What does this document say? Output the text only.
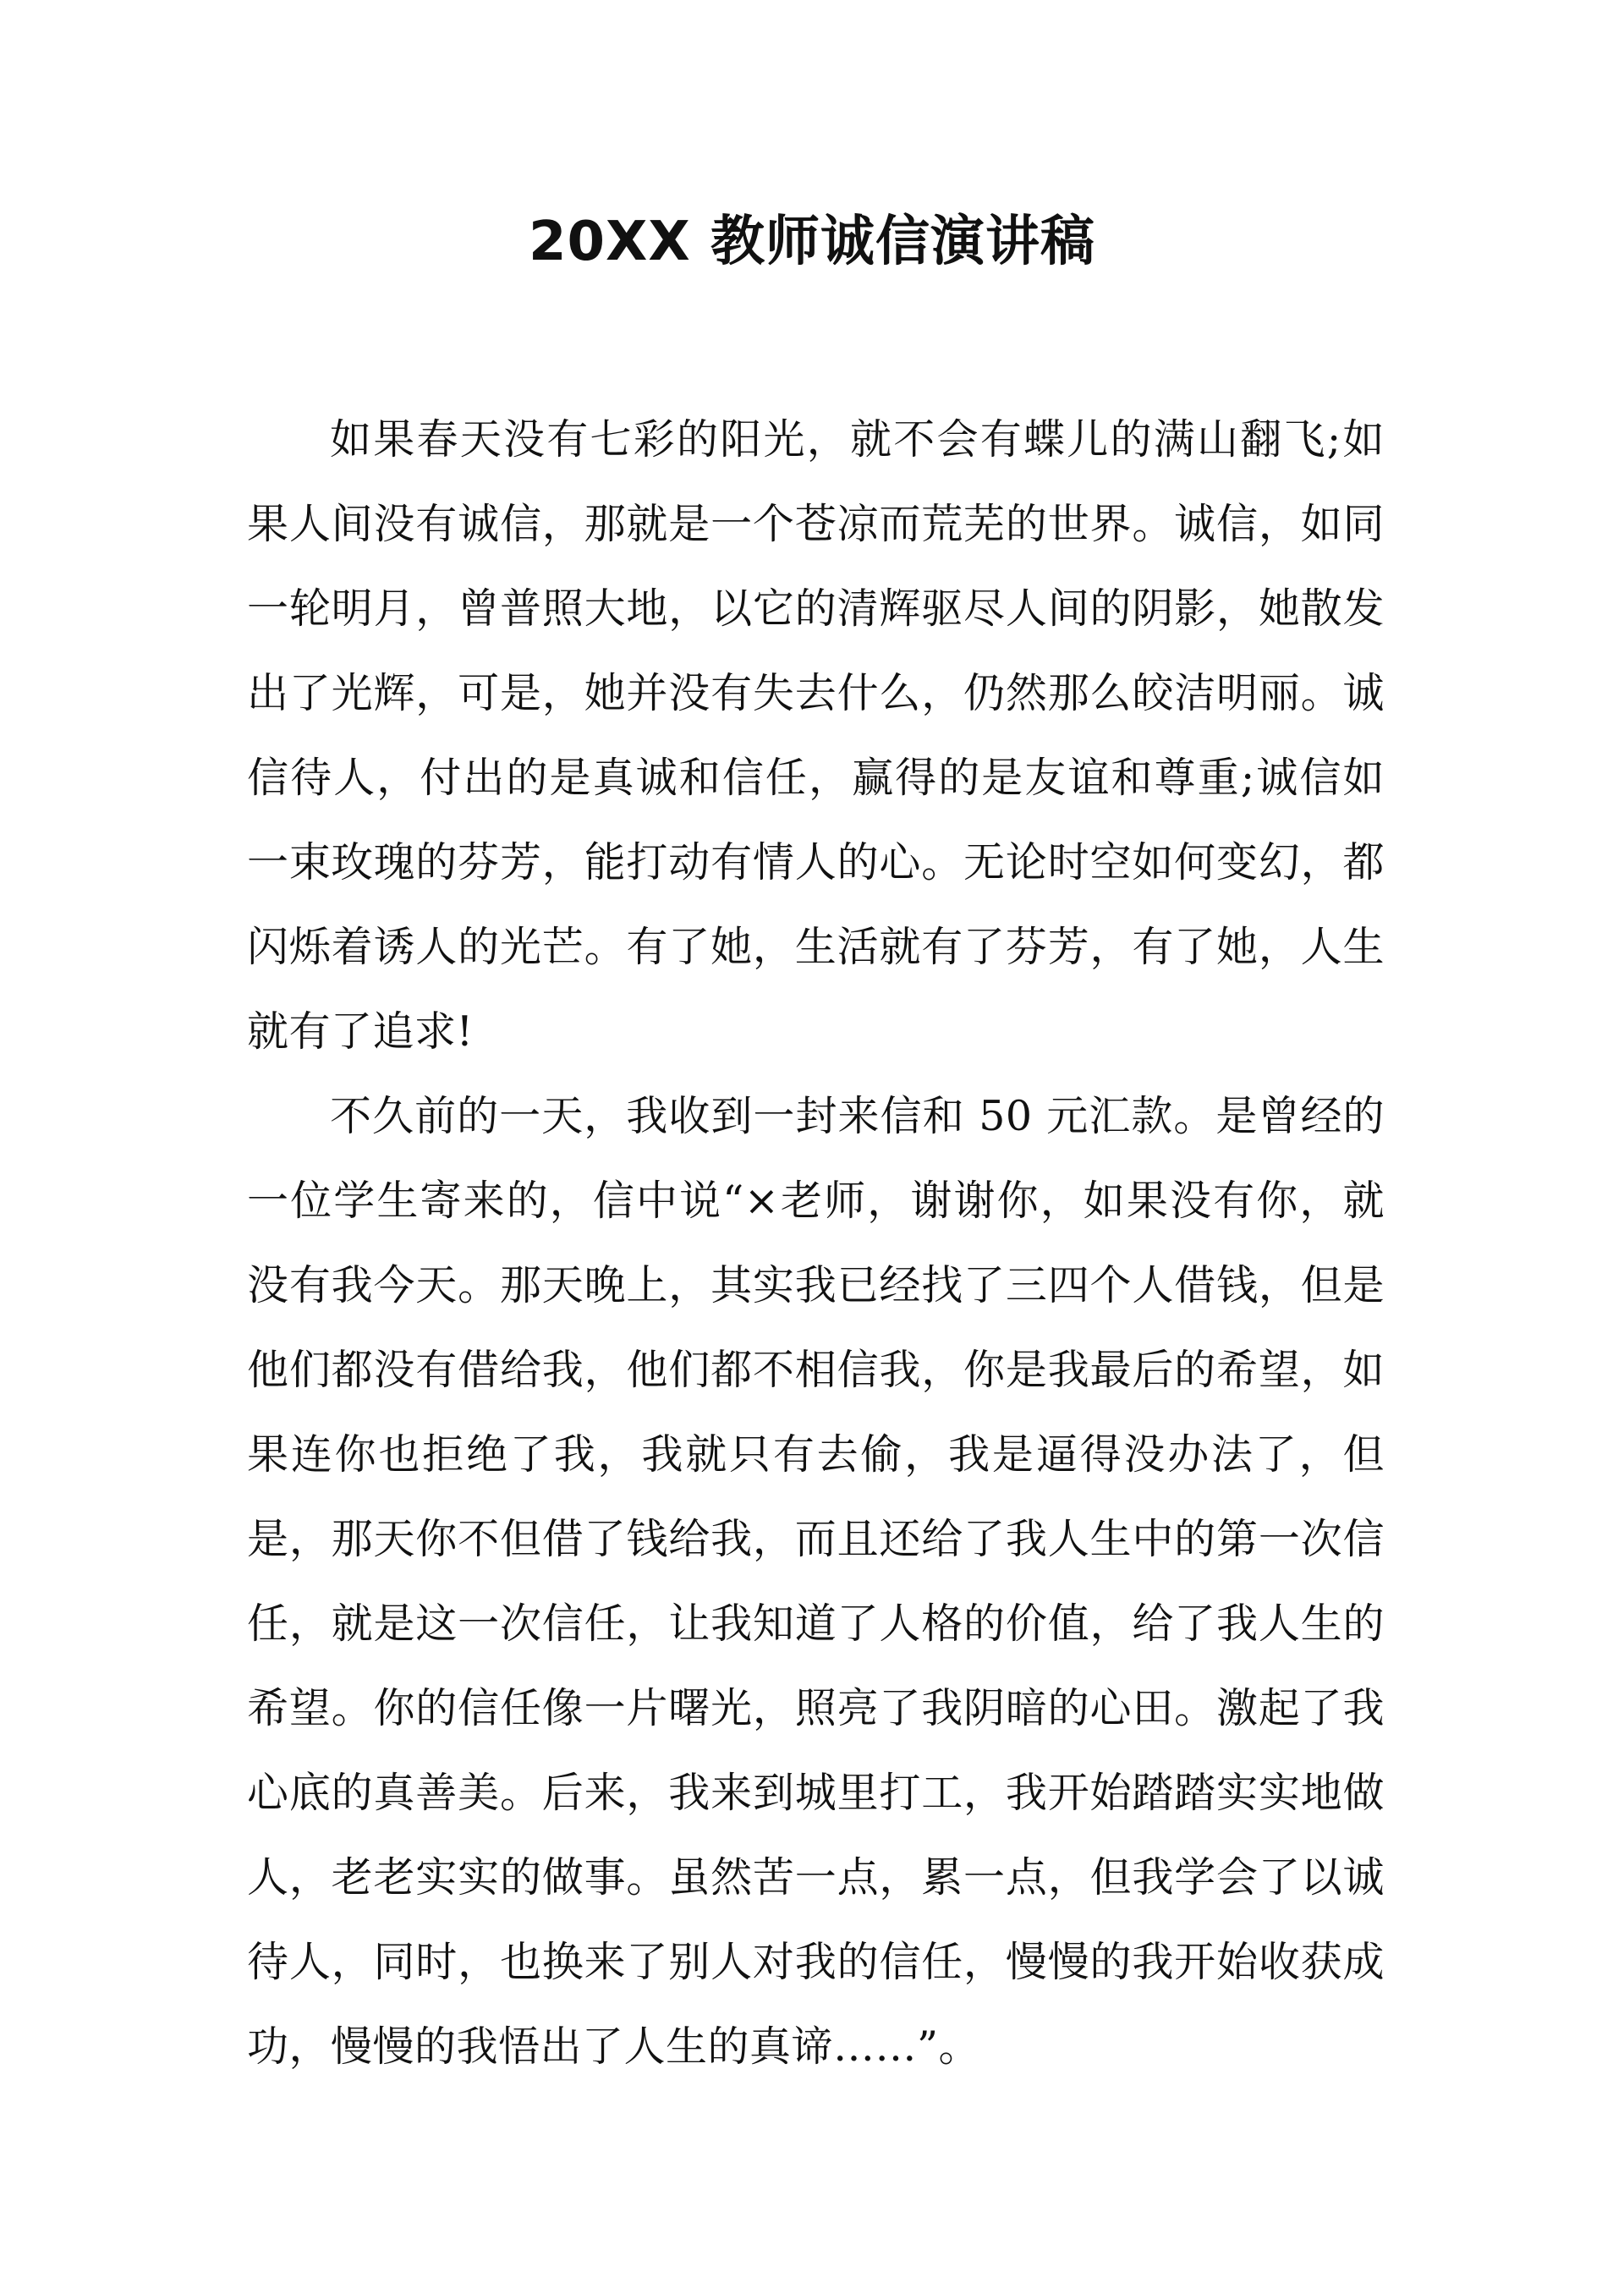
20XX 教师诚信演讲稿

如果春天没有七彩的阳光，就不会有蝶儿的满山翻飞;如果人间没有诚信，那就是一个苍凉而荒芜的世界。诚信，如同一轮明月，曾普照大地，以它的清辉驱尽人间的阴影，她散发出了光辉，可是，她并没有失去什么，仍然那么皎洁明丽。诚信待人，付出的是真诚和信任，赢得的是友谊和尊重;诚信如一束玫瑰的芬芳，能打动有情人的心。无论时空如何变幻，都闪烁着诱人的光芒。有了她，生活就有了芬芳，有了她，人生就有了追求!

不久前的一天，我收到一封来信和 50 元汇款。是曾经的一位学生寄来的，信中说“×老师，谢谢你，如果没有你，就没有我今天。那天晚上，其实我已经找了三四个人借钱，但是他们都没有借给我，他们都不相信我，你是我最后的希望，如果连你也拒绝了我，我就只有去偷，我是逼得没办法了，但是，那天你不但借了钱给我，而且还给了我人生中的第一次信任，就是这一次信任，让我知道了人格的价值，给了我人生的希望。你的信任像一片曙光，照亮了我阴暗的心田。激起了我心底的真善美。后来，我来到城里打工，我开始踏踏实实地做人，老老实实的做事。虽然苦一点，累一点，但我学会了以诚待人，同时，也换来了别人对我的信任，慢慢的我开始收获成功，慢慢的我悟出了人生的真谛……”。
